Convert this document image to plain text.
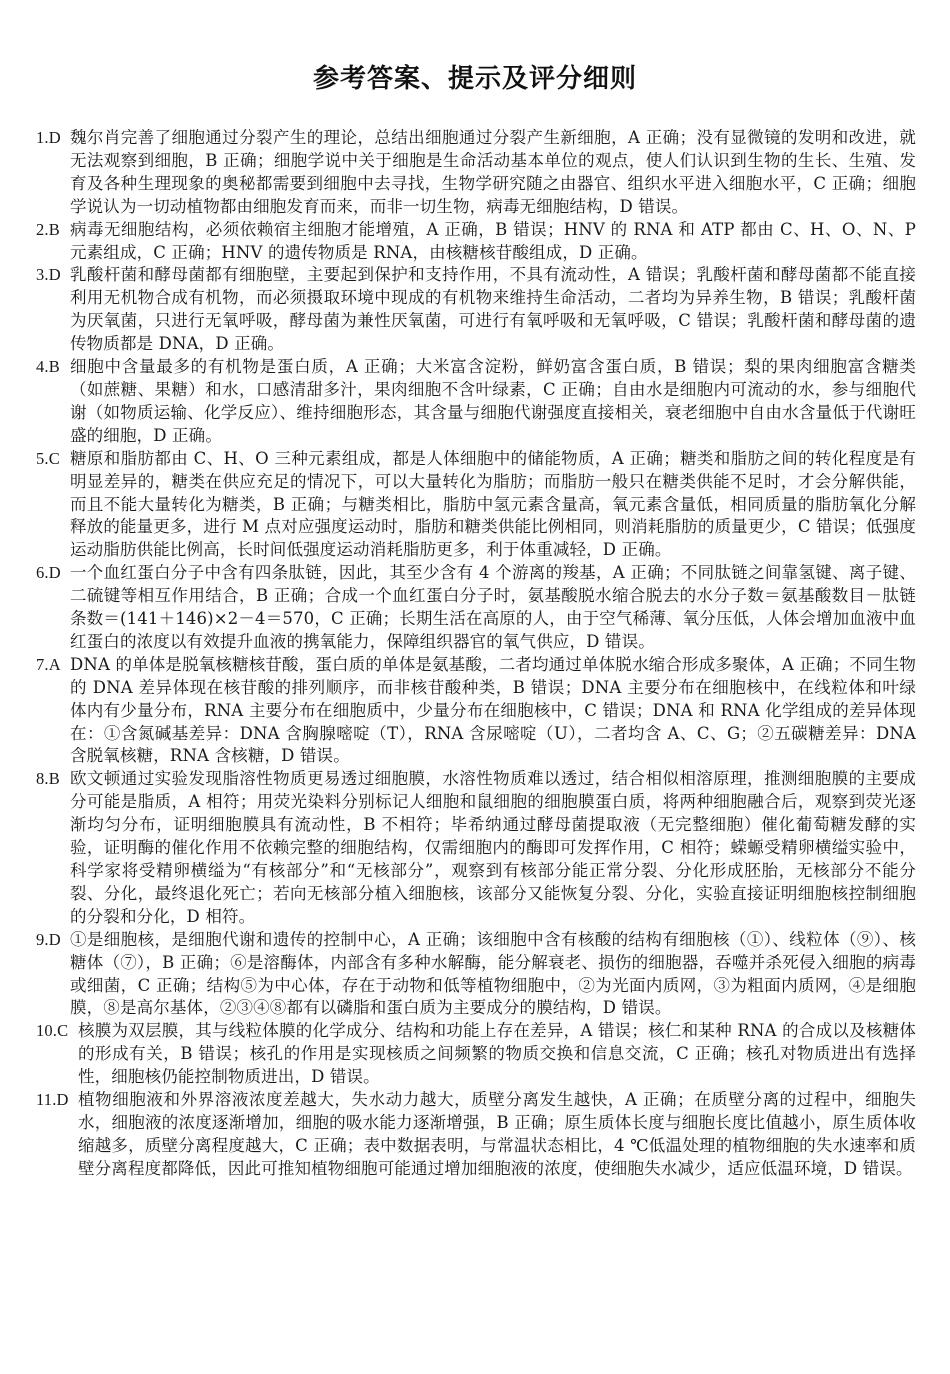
参考答案、提示及评分细则
1.D 魏尔肖完善了细胞通过分裂产生的理论，总结出细胞通过分裂产生新细胞，A 正确；没有显微镜的发明和改进，就无法观察到细胞，B 正确；细胞学说中关于细胞是生命活动基本单位的观点，使人们认识到生物的生长、生殖、发育及各种生理现象的奥秘都需要到细胞中去寻找，生物学研究随之由器官、组织水平进入细胞水平，C 正确；细胞学说认为一切动植物都由细胞发育而来，而非一切生物，病毒无细胞结构，D 错误。
2.B 病毒无细胞结构，必须依赖宿主细胞才能增殖，A 正确，B 错误；HNV 的 RNA 和 ATP 都由 C、H、O、N、P 元素组成，C 正确；HNV 的遗传物质是 RNA，由核糖核苷酸组成，D 正确。
3.D 乳酸杆菌和酵母菌都有细胞壁，主要起到保护和支持作用，不具有流动性，A 错误；乳酸杆菌和酵母菌都不能直接利用无机物合成有机物，而必须摄取环境中现成的有机物来维持生命活动，二者均为异养生物，B 错误；乳酸杆菌为厌氧菌，只进行无氧呼吸，酵母菌为兼性厌氧菌，可进行有氧呼吸和无氧呼吸，C 错误；乳酸杆菌和酵母菌的遗传物质都是 DNA，D 正确。
4.B 细胞中含量最多的有机物是蛋白质，A 正确；大米富含淀粉，鲜奶富含蛋白质，B 错误；梨的果肉细胞富含糖类（如蔗糖、果糖）和水，口感清甜多汁，果肉细胞不含叶绿素，C 正确；自由水是细胞内可流动的水，参与细胞代谢（如物质运输、化学反应）、维持细胞形态，其含量与细胞代谢强度直接相关，衰老细胞中自由水含量低于代谢旺盛的细胞，D 正确。
5.C 糖原和脂肪都由 C、H、O 三种元素组成，都是人体细胞中的储能物质，A 正确；糖类和脂肪之间的转化程度是有明显差异的，糖类在供应充足的情况下，可以大量转化为脂肪；而脂肪一般只在糖类供能不足时，才会分解供能，而且不能大量转化为糖类，B 正确；与糖类相比，脂肪中氢元素含量高，氧元素含量低，相同质量的脂肪氧化分解释放的能量更多，进行 M 点对应强度运动时，脂肪和糖类供能比例相同，则消耗脂肪的质量更少，C 错误；低强度运动脂肪供能比例高，长时间低强度运动消耗脂肪更多，利于体重减轻，D 正确。
6.D 一个血红蛋白分子中含有四条肽链，因此，其至少含有 4 个游离的羧基，A 正确；不同肽链之间靠氢键、离子键、二硫键等相互作用结合，B 正确；合成一个血红蛋白分子时，氨基酸脱水缩合脱去的水分子数＝氨基酸数目－肽链条数＝(141＋146)×2－4＝570，C 正确；长期生活在高原的人，由于空气稀薄、氧分压低，人体会增加血液中血红蛋白的浓度以有效提升血液的携氧能力，保障组织器官的氧气供应，D 错误。
7.A DNA 的单体是脱氧核糖核苷酸，蛋白质的单体是氨基酸，二者均通过单体脱水缩合形成多聚体，A 正确；不同生物的 DNA 差异体现在核苷酸的排列顺序，而非核苷酸种类，B 错误；DNA 主要分布在细胞核中，在线粒体和叶绿体内有少量分布，RNA 主要分布在细胞质中，少量分布在细胞核中，C 错误；DNA 和 RNA 化学组成的差异体现在：①含氮碱基差异：DNA 含胸腺嘧啶（T），RNA 含尿嘧啶（U），二者均含 A、C、G；②五碳糖差异：DNA 含脱氧核糖，RNA 含核糖，D 错误。
8.B 欧文顿通过实验发现脂溶性物质更易透过细胞膜，水溶性物质难以透过，结合相似相溶原理，推测细胞膜的主要成分可能是脂质，A 相符；用荧光染料分别标记人细胞和鼠细胞的细胞膜蛋白质，将两种细胞融合后，观察到荧光逐渐均匀分布，证明细胞膜具有流动性，B 不相符；毕希纳通过酵母菌提取液（无完整细胞）催化葡萄糖发酵的实验，证明酶的催化作用不依赖完整的细胞结构，仅需细胞内的酶即可发挥作用，C 相符；蝾螈受精卵横缢实验中，科学家将受精卵横缢为“有核部分”和“无核部分”，观察到有核部分能正常分裂、分化形成胚胎，无核部分不能分裂、分化，最终退化死亡；若向无核部分植入细胞核，该部分又能恢复分裂、分化，实验直接证明细胞核控制细胞的分裂和分化，D 相符。
9.D ①是细胞核，是细胞代谢和遗传的控制中心，A 正确；该细胞中含有核酸的结构有细胞核（①）、线粒体（⑨）、核糖体（⑦），B 正确；⑥是溶酶体，内部含有多种水解酶，能分解衰老、损伤的细胞器，吞噬并杀死侵入细胞的病毒或细菌，C 正确；结构⑤为中心体，存在于动物和低等植物细胞中，②为光面内质网，③为粗面内质网，④是细胞膜，⑧是高尔基体，②③④⑧都有以磷脂和蛋白质为主要成分的膜结构，D 错误。
10.C 核膜为双层膜，其与线粒体膜的化学成分、结构和功能上存在差异，A 错误；核仁和某种 RNA 的合成以及核糖体的形成有关，B 错误；核孔的作用是实现核质之间频繁的物质交换和信息交流，C 正确；核孔对物质进出有选择性，细胞核仍能控制物质进出，D 错误。
11.D 植物细胞液和外界溶液浓度差越大，失水动力越大，质壁分离发生越快，A 正确；在质壁分离的过程中，细胞失水，细胞液的浓度逐渐增加，细胞的吸水能力逐渐增强，B 正确；原生质体长度与细胞长度比值越小，原生质体收缩越多，质壁分离程度越大，C 正确；表中数据表明，与常温状态相比，4 ℃低温处理的植物细胞的失水速率和质壁分离程度都降低，因此可推知植物细胞可能通过增加细胞液的浓度，使细胞失水减少，适应低温环境，D 错误。
